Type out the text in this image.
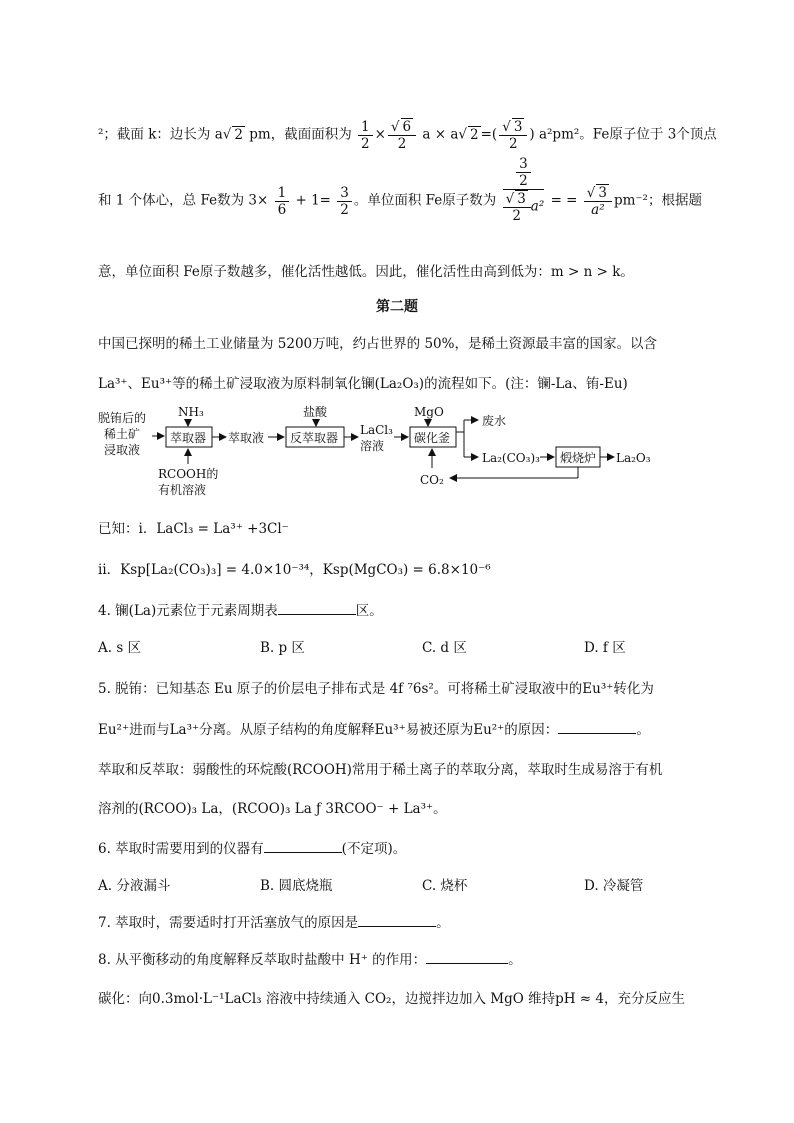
²；截面 k：边长为 a√ 2 pm，截面面积为 $\frac{1}{2} \times \frac{√ 6}{2}$ a × a√ 2 =( $\frac{√ 3}{2}$ ) a²pm²。Fe原子位于 3个顶点
和 1 个体心，总 Fe数为 $3\times \frac{1}{6} + 1= \frac{3}{2}$ 。单位面积 Fe原子数为 $\frac{\frac{3}{2}}{\frac{√ 3}{2} a^2}$ = = $\frac{√ 3}{\text{a²}} pm^{-2}$；根据题
意，单位面积 Fe原子数越多，催化活性越低。因此，催化活性由高到低为：m > n > k。
第二题
中国已探明的稀土工业储量为 5200万吨，约占世界的 50%，是稀土资源最丰富的国家。以含
La³⁺、Eu³⁺等的稀土矿浸取液为原料制氧化镧(La₂O₃)的流程如下。(注：镧-La、铕-Eu)
脱铕后的
稀土矿
浸取液
NH₃
萃取器
RCOOH的
有机溶液
萃取液
盐酸
反萃取器
LaCl₃
溶液
MgO
碳化釜
废水
La₂(CO₃)₃ 煅烧炉 La₂O₃
CO₂
已知：ⅰ．LaCl₃ = La³⁺ +3Cl⁻
ⅱ．Ksp[La₂(CO₃)₃] = 4.0×10⁻³⁴，Ksp(MgCO₃) = 6.8×10⁻⁶
4. 镧(La)元素位于元素周期表	区。
A. s 区	B. p 区	C. d 区	D. f 区
5. 脱铕：已知基态 Eu 原子的价层电子排布式是 4f ⁷6s²。可将稀土矿浸取液中的Eu³⁺转化为
Eu²⁺进而与La³⁺分离。从原子结构的角度解释Eu³⁺易被还原为Eu²⁺的原因：	。
萃取和反萃取：弱酸性的环烷酸(RCOOH)常用于稀土离子的萃取分离，萃取时生成易溶于有机
溶剂的(RCOO)₃ La，(RCOO)₃ La ƒ 3RCOO⁻ + La³⁺。
6. 萃取时需要用到的仪器有	(不定项)。
A. 分液漏斗	B. 圆底烧瓶	C. 烧杯	D. 冷凝管
7. 萃取时，需要适时打开活塞放气的原因是	。
8. 从平衡移动的角度解释反萃取时盐酸中 H⁺ 的作用：	。
碳化：向0.3mol·L⁻¹LaCl₃ 溶液中持续通入 CO₂，边搅拌边加入 MgO 维持pH ≈ 4，充分反应生
